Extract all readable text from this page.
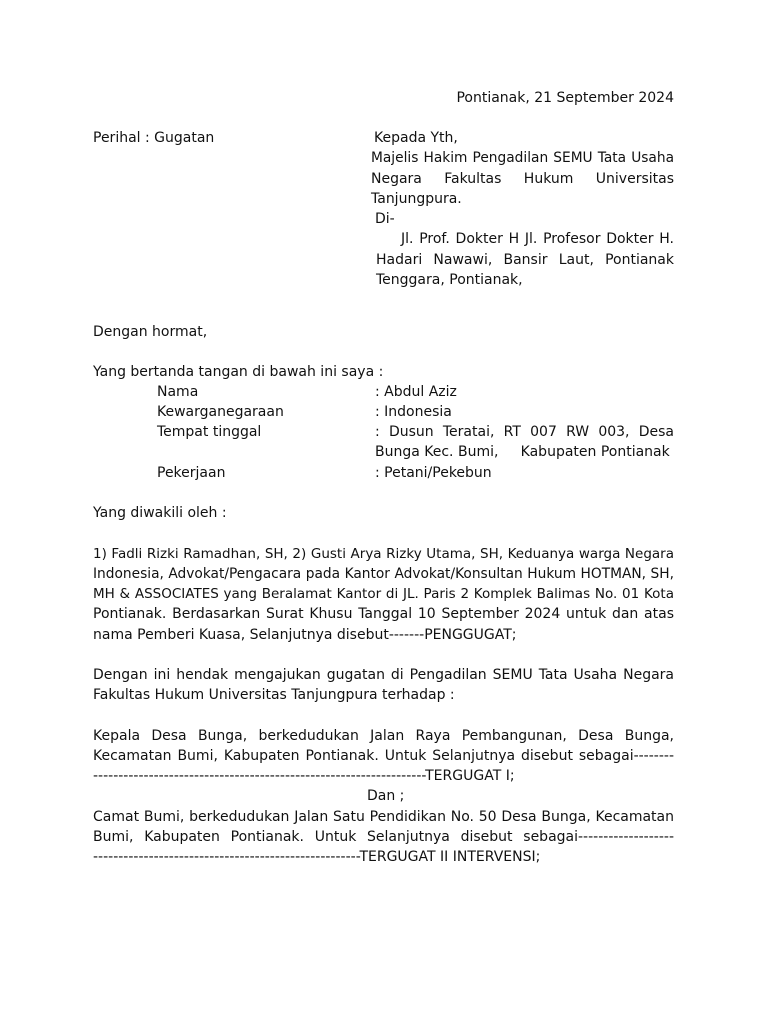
Pontianak, 21 September 2024
Perihal : Gugatan	Kepada Yth,
Majelis Hakim Pengadilan SEMU Tata Usaha
Negara Fakultas Hukum Universitas
Tanjungpura.
Di-
Jl. Prof. Dokter H Jl. Profesor Dokter H.
Hadari Nawawi, Bansir Laut, Pontianak
Tenggara, Pontianak,
Dengan hormat,
Yang bertanda tangan di bawah ini saya :
Nama	: Abdul Aziz
Kewarganegaraan	: Indonesia
Tempat tinggal	: Dusun Teratai, RT 007 RW 003, Desa
Bunga Kec. Bumi,     Kabupaten Pontianak
Pekerjaan	: Petani/Pekebun
Yang diwakili oleh :
1) Fadli Rizki Ramadhan, SH, 2) Gusti Arya Rizky Utama, SH, Keduanya warga Negara
Indonesia, Advokat/Pengacara pada Kantor Advokat/Konsultan Hukum HOTMAN, SH,
MH & ASSOCIATES yang Beralamat Kantor di JL. Paris 2 Komplek Balimas No. 01 Kota
Pontianak. Berdasarkan Surat Khusu Tanggal 10 September 2024 untuk dan atas
nama Pemberi Kuasa, Selanjutnya disebut-------PENGGUGAT;
Dengan ini hendak mengajukan gugatan di Pengadilan SEMU Tata Usaha Negara
Fakultas Hukum Universitas Tanjungpura terhadap :
Kepala Desa Bunga, berkedudukan Jalan Raya Pembangunan, Desa Bunga,
Kecamatan Bumi, Kabupaten Pontianak. Untuk Selanjutnya disebut sebagai--------
------------------------------------------------------------------TERGUGAT I;
Dan ;
Camat Bumi, berkedudukan Jalan Satu Pendidikan No. 50 Desa Bunga, Kecamatan
Bumi, Kabupaten Pontianak. Untuk Selanjutnya disebut sebagai-------------------
-----------------------------------------------------TERGUGAT II INTERVENSI;
